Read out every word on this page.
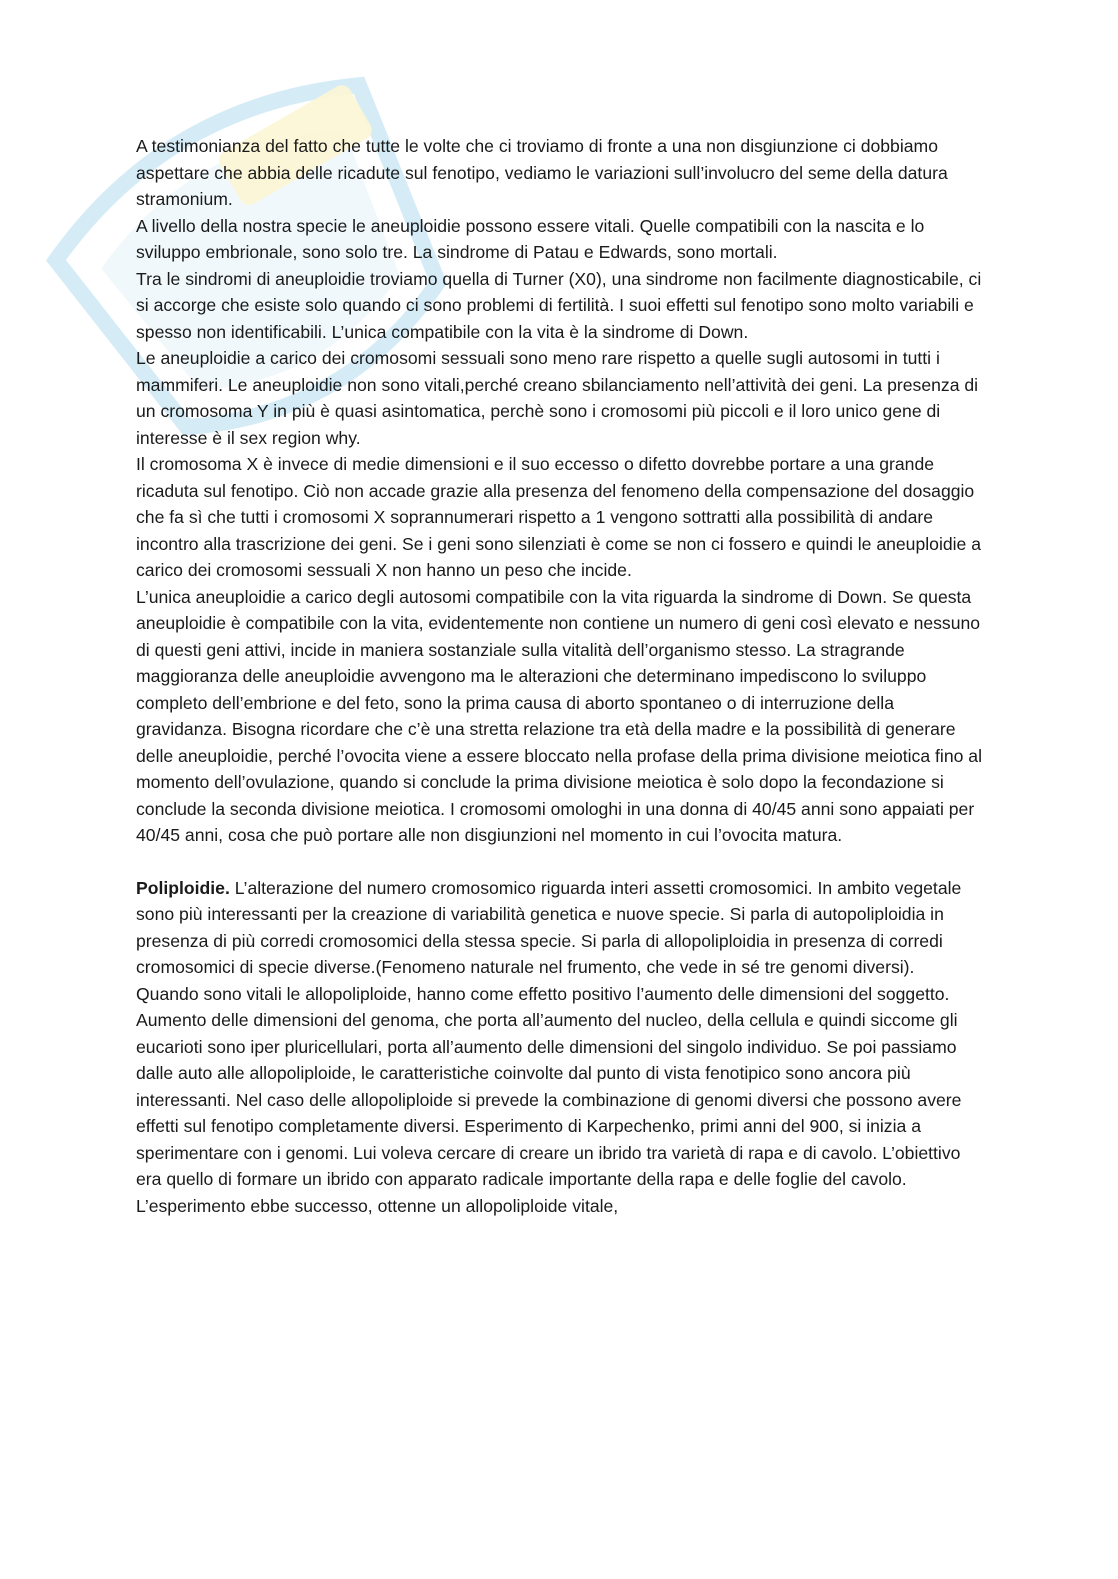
A testimonianza del fatto che tutte le volte che ci troviamo di fronte a una non disgiunzione ci dobbiamo aspettare che abbia delle ricadute sul fenotipo, vediamo le variazioni sull’involucro del seme della datura stramonium.

A livello della nostra specie le aneuploidie possono essere vitali. Quelle compatibili con la nascita e lo sviluppo embrionale, sono solo tre. La sindrome di Patau e Edwards, sono mortali.

Tra le sindromi di aneuploidie troviamo quella di Turner (X0), una sindrome non facilmente diagnosticabile, ci si accorge che esiste solo quando ci sono problemi di fertilità. I suoi effetti sul fenotipo sono molto variabili e spesso non identificabili. L’unica compatibile con la vita è la sindrome di Down.

Le aneuploidie a carico dei cromosomi sessuali sono meno rare rispetto a quelle sugli autosomi in tutti i mammiferi. Le aneuploidie non sono vitali,perché creano sbilanciamento nell’attività dei geni. La presenza di un cromosoma Y in più è quasi asintomatica, perchè sono i cromosomi più piccoli e il loro unico gene di interesse è il sex region why.

Il cromosoma X è invece di medie dimensioni e il suo eccesso o difetto dovrebbe portare a una grande ricaduta sul fenotipo. Ciò non accade grazie alla presenza del fenomeno della compensazione del dosaggio che fa sì che tutti i cromosomi X soprannumerari rispetto a 1 vengono sottratti alla possibilità di andare incontro alla trascrizione dei geni. Se i geni sono silenziati è come se non ci fossero e quindi le aneuploidie a carico dei cromosomi sessuali X non hanno un peso che incide.

L’unica aneuploidie a carico degli autosomi compatibile con la vita riguarda la sindrome di Down. Se questa aneuploidie è compatibile con la vita, evidentemente non contiene un numero di geni così elevato e nessuno di questi geni attivi, incide in maniera sostanziale sulla vitalità dell’organismo stesso. La stragrande maggioranza delle aneuploidie avvengono ma le alterazioni che determinano impediscono lo sviluppo completo dell’embrione e del feto, sono la prima causa di aborto spontaneo o di interruzione della gravidanza. Bisogna ricordare che c’è una stretta relazione tra età della madre e la possibilità di generare delle aneuploidie, perché l’ovocita viene a essere bloccato nella profase della prima divisione meiotica fino al momento dell’ovulazione, quando si conclude la prima divisione meiotica è solo dopo la fecondazione si conclude la seconda divisione meiotica. I cromosomi omologhi in una donna di 40/45 anni sono appaiati per 40/45 anni, cosa che può portare alle non disgiunzioni nel momento in cui l’ovocita matura.

Poliploidie. L’alterazione del numero cromosomico riguarda interi assetti cromosomici. In ambito vegetale sono più interessanti per la creazione di variabilità genetica e nuove specie. Si parla di autopoliploidia in presenza di più corredi cromosomici della stessa specie. Si parla di allopoliploidia in presenza di corredi cromosomici di specie diverse.(Fenomeno naturale nel frumento, che vede in sé tre genomi diversi).

Quando sono vitali le allopoliploide, hanno come effetto positivo l’aumento delle dimensioni del soggetto. Aumento delle dimensioni del genoma, che porta all’aumento del nucleo, della cellula e quindi siccome gli eucarioti sono iper pluricellulari, porta all’aumento delle dimensioni del singolo individuo. Se poi passiamo dalle auto alle allopoliploide, le caratteristiche coinvolte dal punto di vista fenotipico sono ancora più interessanti. Nel caso delle allopoliploide si prevede la combinazione di genomi diversi che possono avere effetti sul fenotipo completamente diversi. Esperimento di Karpechenko, primi anni del 900, si inizia a sperimentare con i genomi. Lui voleva cercare di creare un ibrido tra varietà di rapa e di cavolo. L’obiettivo era quello di formare un ibrido con apparato radicale importante della rapa e delle foglie del cavolo. L’esperimento ebbe successo, ottenne un allopoliploide vitale,
